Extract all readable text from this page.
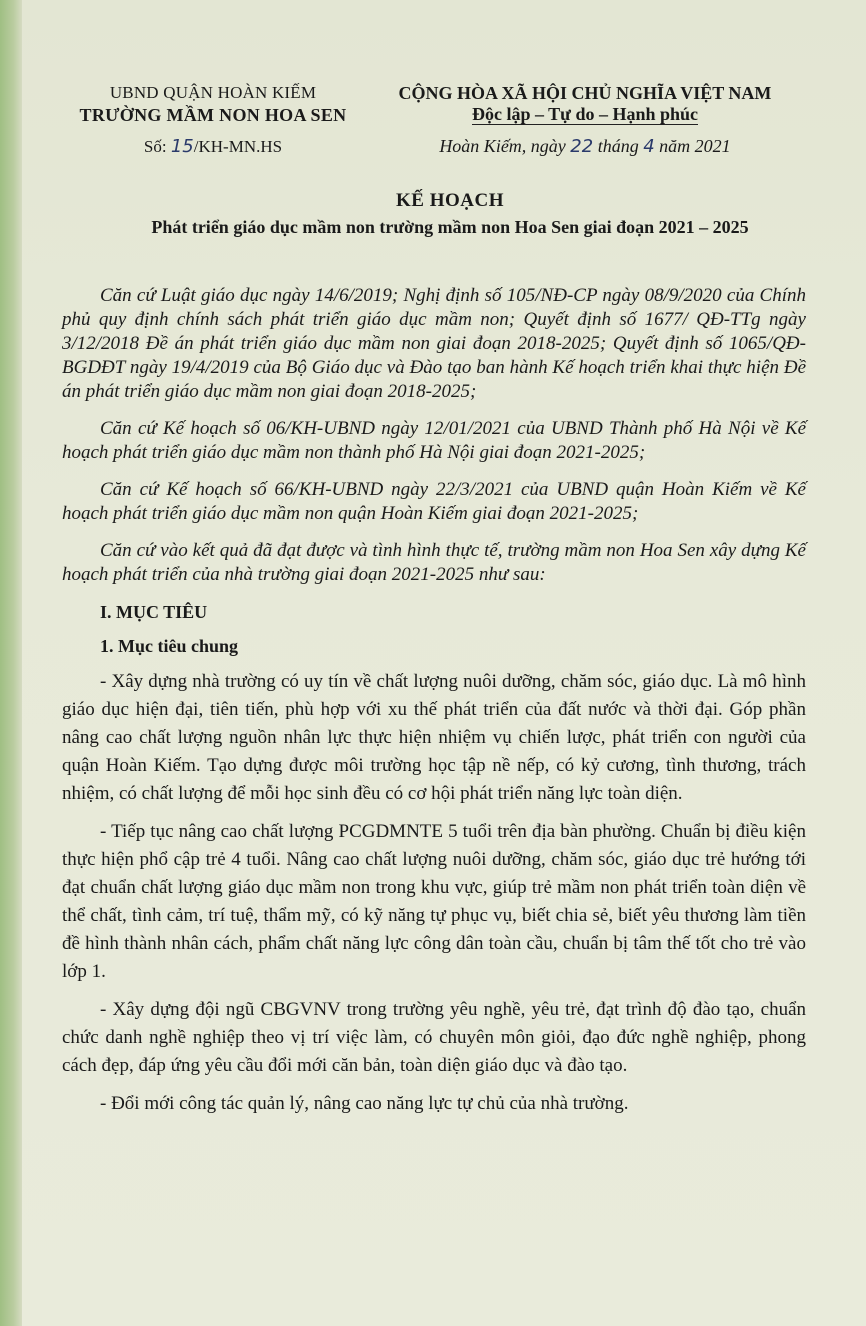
UBND QUẬN HOÀN KIẾM
TRƯỜNG MẦM NON HOA SEN
Số: 15/KH-MN.HS
CỘNG HÒA XÃ HỘI CHỦ NGHĨA VIỆT NAM
Độc lập – Tự do – Hạnh phúc
Hoàn Kiếm, ngày 22 tháng 4 năm 2021
KẾ HOẠCH
Phát triển giáo dục mầm non trường mầm non Hoa Sen giai đoạn 2021 – 2025

Căn cứ Luật giáo dục ngày 14/6/2019; Nghị định số 105/NĐ-CP ngày 08/9/2020 của Chính phủ quy định chính sách phát triển giáo dục mầm non; Quyết định số 1677/ QĐ-TTg ngày 3/12/2018 Đề án phát triển giáo dục mầm non giai đoạn 2018-2025; Quyết định số 1065/QĐ-BGDĐT ngày 19/4/2019 của Bộ Giáo dục và Đào tạo ban hành Kế hoạch triển khai thực hiện Đề án phát triển giáo dục mầm non giai đoạn 2018-2025;

Căn cứ Kế hoạch số 06/KH-UBND ngày 12/01/2021 của UBND Thành phố Hà Nội về Kế hoạch phát triển giáo dục mầm non thành phố Hà Nội giai đoạn 2021-2025;

Căn cứ Kế hoạch số 66/KH-UBND ngày 22/3/2021 của UBND quận Hoàn Kiếm về Kế hoạch phát triển giáo dục mầm non quận Hoàn Kiếm giai đoạn 2021-2025;

Căn cứ vào kết quả đã đạt được và tình hình thực tế, trường mầm non Hoa Sen xây dựng Kế hoạch phát triển của nhà trường giai đoạn 2021-2025 như sau:

I. MỤC TIÊU
1. Mục tiêu chung

- Xây dựng nhà trường có uy tín về chất lượng nuôi dưỡng, chăm sóc, giáo dục. Là mô hình giáo dục hiện đại, tiên tiến, phù hợp với xu thế phát triển của đất nước và thời đại. Góp phần nâng cao chất lượng nguồn nhân lực thực hiện nhiệm vụ chiến lược, phát triển con người của quận Hoàn Kiếm. Tạo dựng được môi trường học tập nề nếp, có kỷ cương, tình thương, trách nhiệm, có chất lượng để mỗi học sinh đều có cơ hội phát triển năng lực toàn diện.

- Tiếp tục nâng cao chất lượng PCGDMNTE 5 tuổi trên địa bàn phường. Chuẩn bị điều kiện thực hiện phổ cập trẻ 4 tuổi. Nâng cao chất lượng nuôi dưỡng, chăm sóc, giáo dục trẻ hướng tới đạt chuẩn chất lượng giáo dục mầm non trong khu vực, giúp trẻ mầm non phát triển toàn diện về thể chất, tình cảm, trí tuệ, thẩm mỹ, có kỹ năng tự phục vụ, biết chia sẻ, biết yêu thương làm tiền đề hình thành nhân cách, phẩm chất năng lực công dân toàn cầu, chuẩn bị tâm thế tốt cho trẻ vào lớp 1.

- Xây dựng đội ngũ CBGVNV trong trường yêu nghề, yêu trẻ, đạt trình độ đào tạo, chuẩn chức danh nghề nghiệp theo vị trí việc làm, có chuyên môn giỏi, đạo đức nghề nghiệp, phong cách đẹp, đáp ứng yêu cầu đổi mới căn bản, toàn diện giáo dục và đào tạo.

- Đổi mới công tác quản lý, nâng cao năng lực tự chủ của nhà trường.
